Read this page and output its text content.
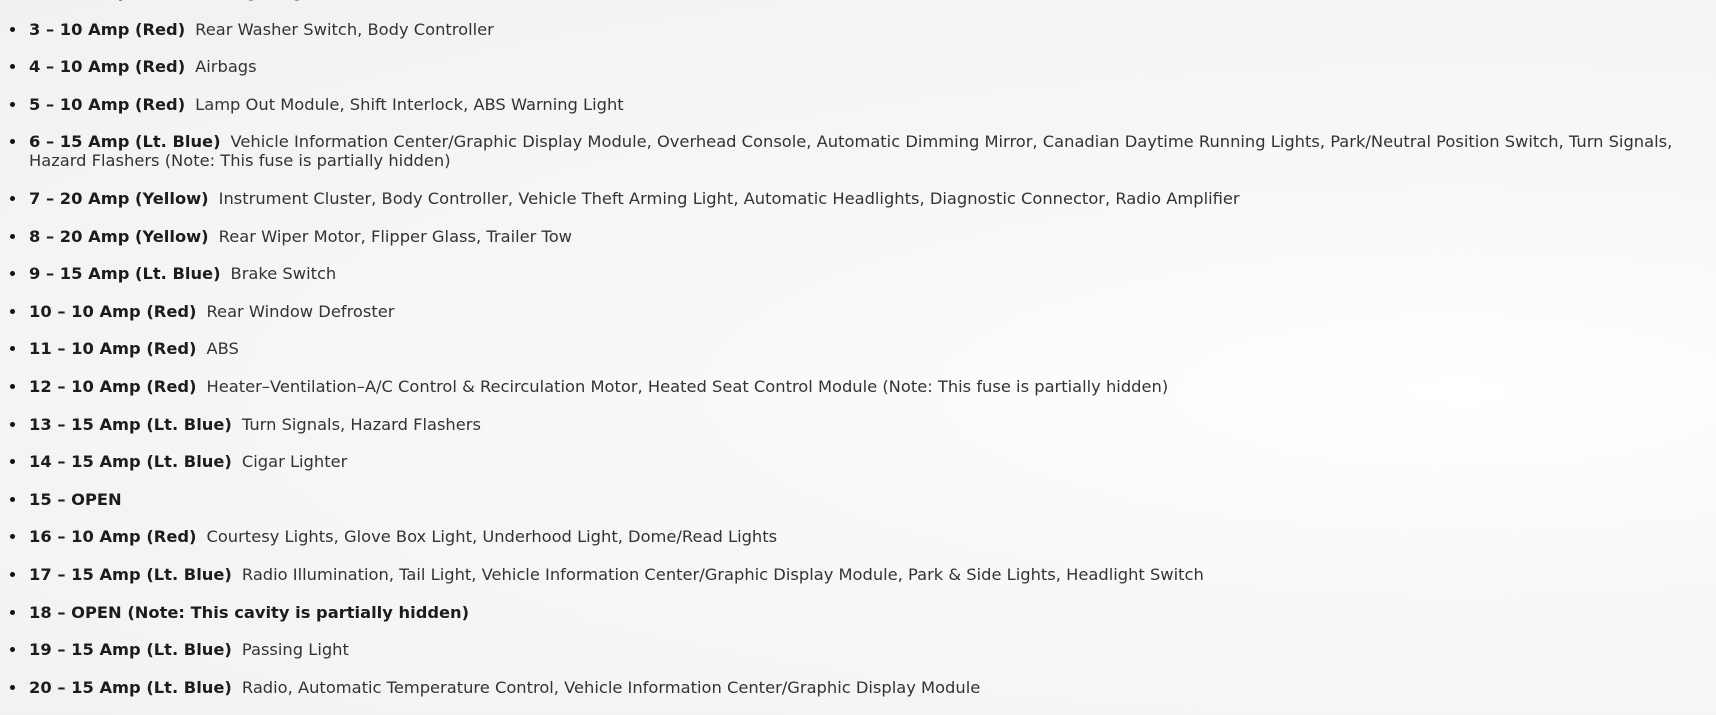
3 – 10 Amp (Red) Rear Washer Switch, Body Controller
4 – 10 Amp (Red) Airbags
5 – 10 Amp (Red) Lamp Out Module, Shift Interlock, ABS Warning Light
6 – 15 Amp (Lt. Blue) Vehicle Information Center/Graphic Display Module, Overhead Console, Automatic Dimming Mirror, Canadian Daytime Running Lights, Park/Neutral Position Switch, Turn Signals, Hazard Flashers (Note: This fuse is partially hidden)
7 – 20 Amp (Yellow) Instrument Cluster, Body Controller, Vehicle Theft Arming Light, Automatic Headlights, Diagnostic Connector, Radio Amplifier
8 – 20 Amp (Yellow) Rear Wiper Motor, Flipper Glass, Trailer Tow
9 – 15 Amp (Lt. Blue) Brake Switch
10 – 10 Amp (Red) Rear Window Defroster
11 – 10 Amp (Red) ABS
12 – 10 Amp (Red) Heater–Ventilation–A/C Control & Recirculation Motor, Heated Seat Control Module (Note: This fuse is partially hidden)
13 – 15 Amp (Lt. Blue) Turn Signals, Hazard Flashers
14 – 15 Amp (Lt. Blue) Cigar Lighter
15 – OPEN
16 – 10 Amp (Red) Courtesy Lights, Glove Box Light, Underhood Light, Dome/Read Lights
17 – 15 Amp (Lt. Blue) Radio Illumination, Tail Light, Vehicle Information Center/Graphic Display Module, Park & Side Lights, Headlight Switch
18 – OPEN (Note: This cavity is partially hidden)
19 – 15 Amp (Lt. Blue) Passing Light
20 – 15 Amp (Lt. Blue) Radio, Automatic Temperature Control, Vehicle Information Center/Graphic Display Module
